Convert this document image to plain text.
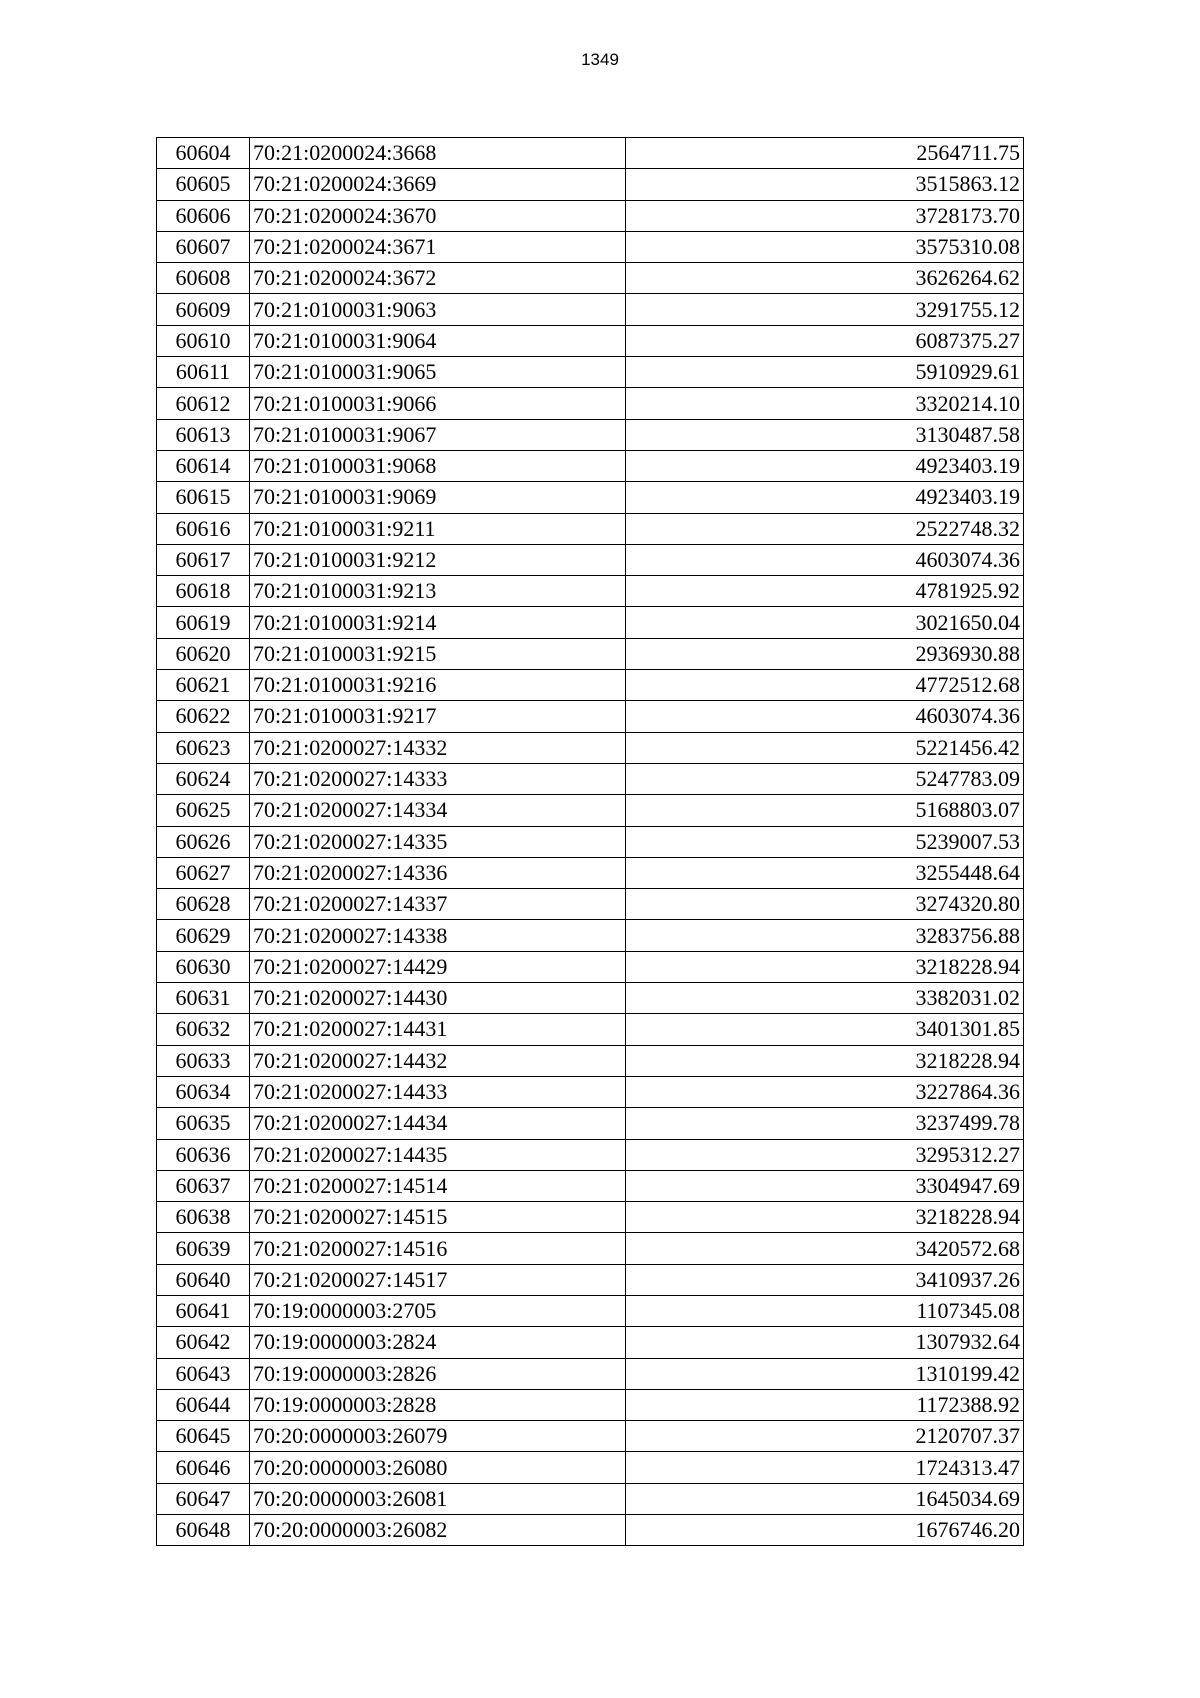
1349
60604	70:21:0200024:3668	2564711.75
60605	70:21:0200024:3669	3515863.12
60606	70:21:0200024:3670	3728173.70
60607	70:21:0200024:3671	3575310.08
60608	70:21:0200024:3672	3626264.62
60609	70:21:0100031:9063	3291755.12
60610	70:21:0100031:9064	6087375.27
60611	70:21:0100031:9065	5910929.61
60612	70:21:0100031:9066	3320214.10
60613	70:21:0100031:9067	3130487.58
60614	70:21:0100031:9068	4923403.19
60615	70:21:0100031:9069	4923403.19
60616	70:21:0100031:9211	2522748.32
60617	70:21:0100031:9212	4603074.36
60618	70:21:0100031:9213	4781925.92
60619	70:21:0100031:9214	3021650.04
60620	70:21:0100031:9215	2936930.88
60621	70:21:0100031:9216	4772512.68
60622	70:21:0100031:9217	4603074.36
60623	70:21:0200027:14332	5221456.42
60624	70:21:0200027:14333	5247783.09
60625	70:21:0200027:14334	5168803.07
60626	70:21:0200027:14335	5239007.53
60627	70:21:0200027:14336	3255448.64
60628	70:21:0200027:14337	3274320.80
60629	70:21:0200027:14338	3283756.88
60630	70:21:0200027:14429	3218228.94
60631	70:21:0200027:14430	3382031.02
60632	70:21:0200027:14431	3401301.85
60633	70:21:0200027:14432	3218228.94
60634	70:21:0200027:14433	3227864.36
60635	70:21:0200027:14434	3237499.78
60636	70:21:0200027:14435	3295312.27
60637	70:21:0200027:14514	3304947.69
60638	70:21:0200027:14515	3218228.94
60639	70:21:0200027:14516	3420572.68
60640	70:21:0200027:14517	3410937.26
60641	70:19:0000003:2705	1107345.08
60642	70:19:0000003:2824	1307932.64
60643	70:19:0000003:2826	1310199.42
60644	70:19:0000003:2828	1172388.92
60645	70:20:0000003:26079	2120707.37
60646	70:20:0000003:26080	1724313.47
60647	70:20:0000003:26081	1645034.69
60648	70:20:0000003:26082	1676746.20
